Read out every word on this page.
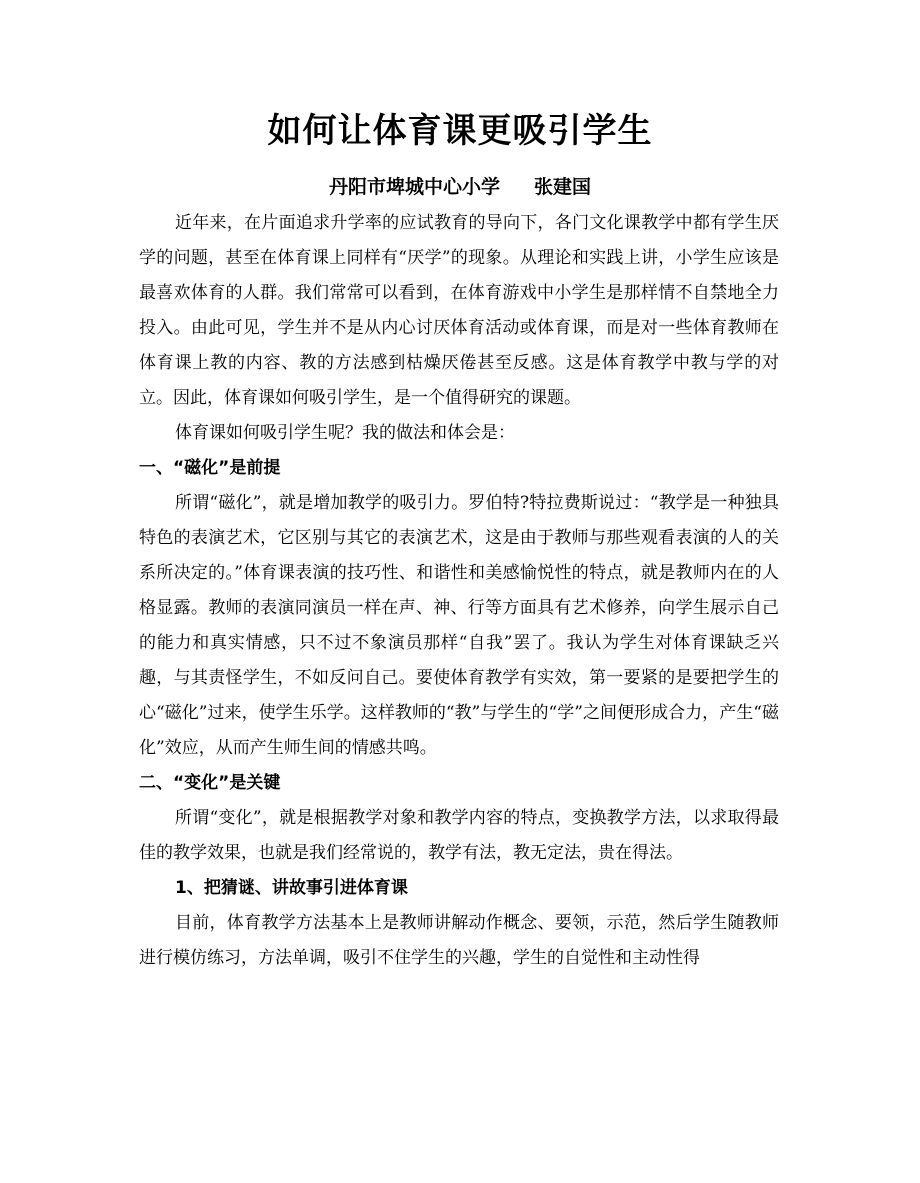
如何让体育课更吸引学生
丹阳市埤城中心小学 张建国

近年来，在片面追求升学率的应试教育的导向下，各门文化课教学中都有学生厌学的问题，甚至在体育课上同样有“厌学”的现象。从理论和实践上讲，小学生应该是最喜欢体育的人群。我们常常可以看到，在体育游戏中小学生是那样情不自禁地全力投入。由此可见，学生并不是从内心讨厌体育活动或体育课，而是对一些体育教师在体育课上教的内容、教的方法感到枯燥厌倦甚至反感。这是体育教学中教与学的对立。因此，体育课如何吸引学生，是一个值得研究的课题。

体育课如何吸引学生呢？我的做法和体会是：

一、“磁化”是前提

所谓“磁化”，就是增加教学的吸引力。罗伯特?特拉费斯说过：“教学是一种独具特色的表演艺术，它区别与其它的表演艺术，这是由于教师与那些观看表演的人的关系所决定的。”体育课表演的技巧性、和谐性和美感愉悦性的特点，就是教师内在的人格显露。教师的表演同演员一样在声、神、行等方面具有艺术修养，向学生展示自己的能力和真实情感，只不过不象演员那样“自我”罢了。我认为学生对体育课缺乏兴趣，与其责怪学生，不如反问自己。要使体育教学有实效，第一要紧的是要把学生的心“磁化”过来，使学生乐学。这样教师的“教”与学生的“学”之间便形成合力，产生“磁化”效应，从而产生师生间的情感共鸣。

二、“变化”是关键

所谓“变化”，就是根据教学对象和教学内容的特点，变换教学方法，以求取得最佳的教学效果，也就是我们经常说的，教学有法，教无定法，贵在得法。

1、把猜谜、讲故事引进体育课

目前，体育教学方法基本上是教师讲解动作概念、要领，示范，然后学生随教师进行模仿练习，方法单调，吸引不住学生的兴趣，学生的自觉性和主动性得
